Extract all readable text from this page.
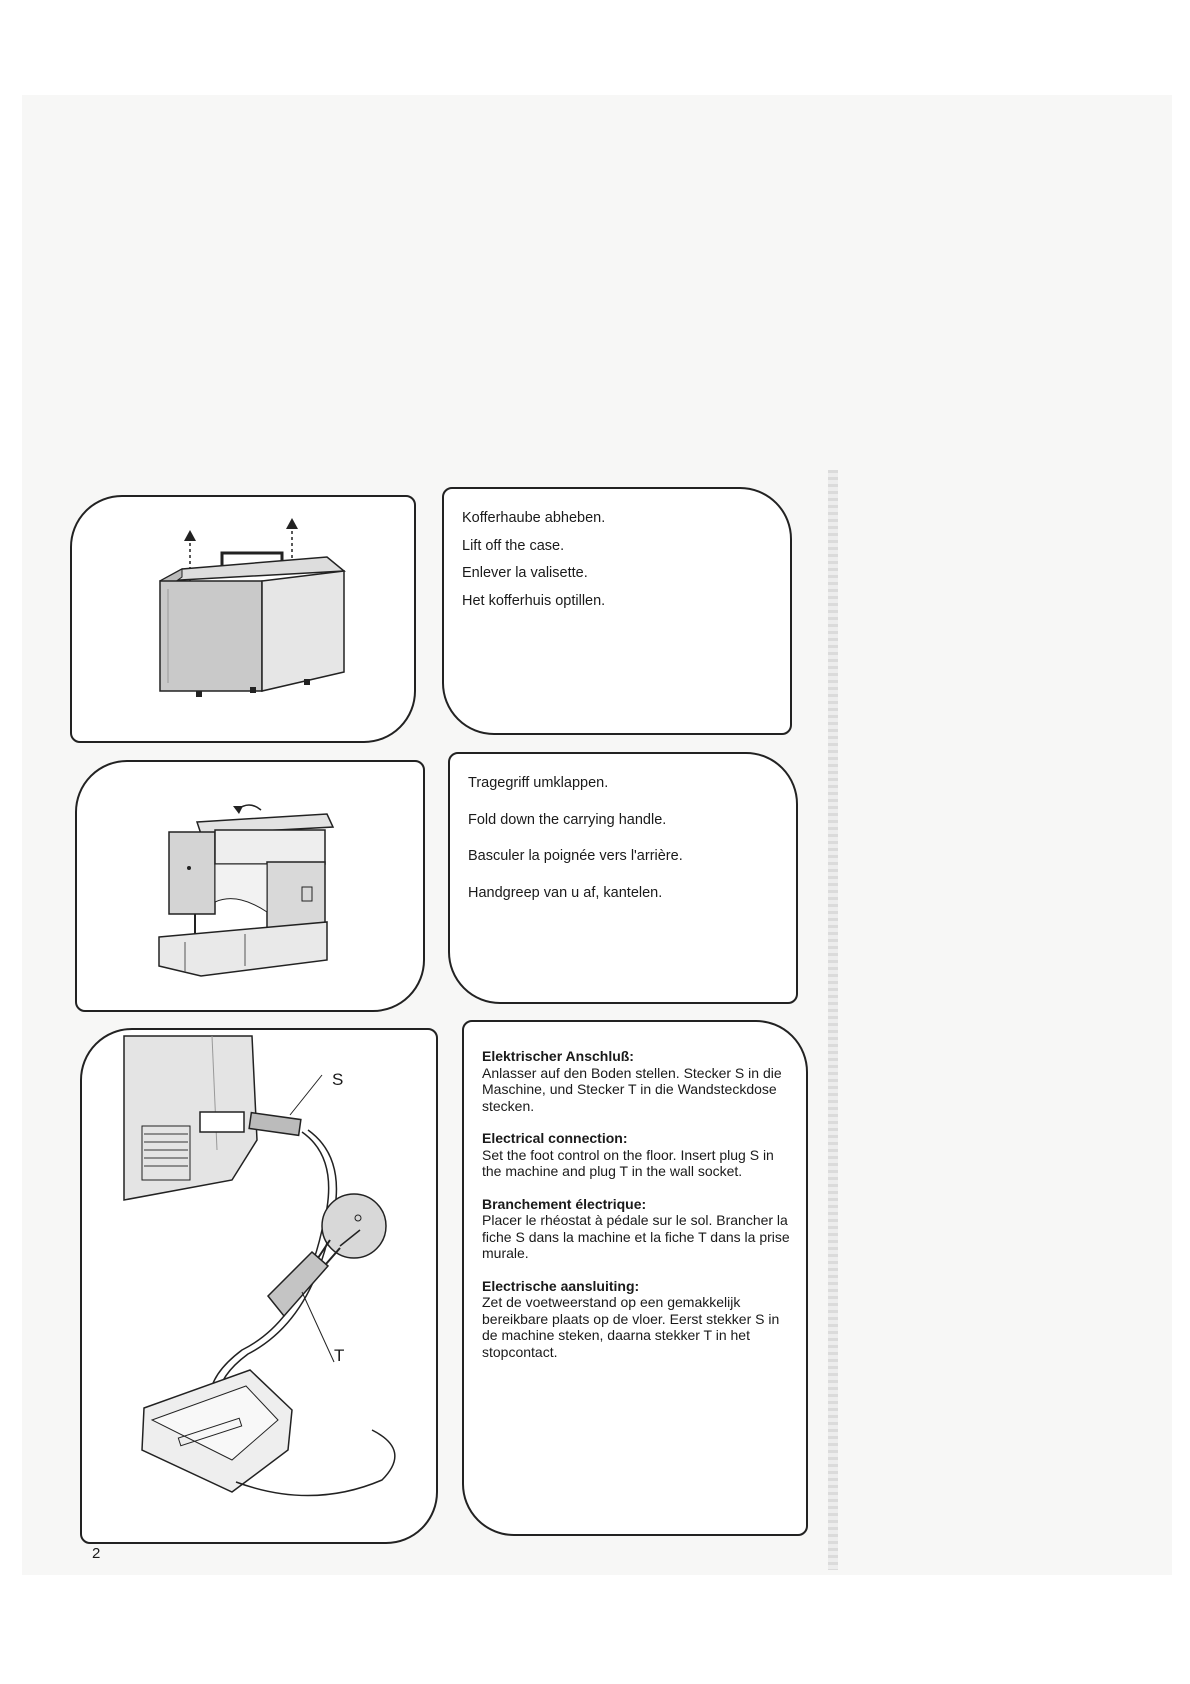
Kofferhaube abheben.

Lift off the case.

Enlever la valisette.

Het kofferhuis optillen.

Tragegriff umklappen.

Fold down the carrying handle.

Basculer la poignée vers l'arrière.

Handgreep van u af, kantelen.

S
T

Elektrischer Anschluß:

Anlasser auf den Boden stellen. Stecker S in die Maschine, und Stecker T in die Wandsteckdose stecken.

Electrical connection:

Set the foot control on the floor. Insert plug S in the machine and plug T in the wall socket.

Branchement électrique:

Placer le rhéostat à pédale sur le sol. Brancher la fiche S dans la machine et la fiche T dans la prise murale.

Electrische aansluiting:

Zet de voetweerstand op een gemakkelijk bereikbare plaats op de vloer. Eerst stekker S in de machine steken, daarna stekker T in het stopcontact.

2
